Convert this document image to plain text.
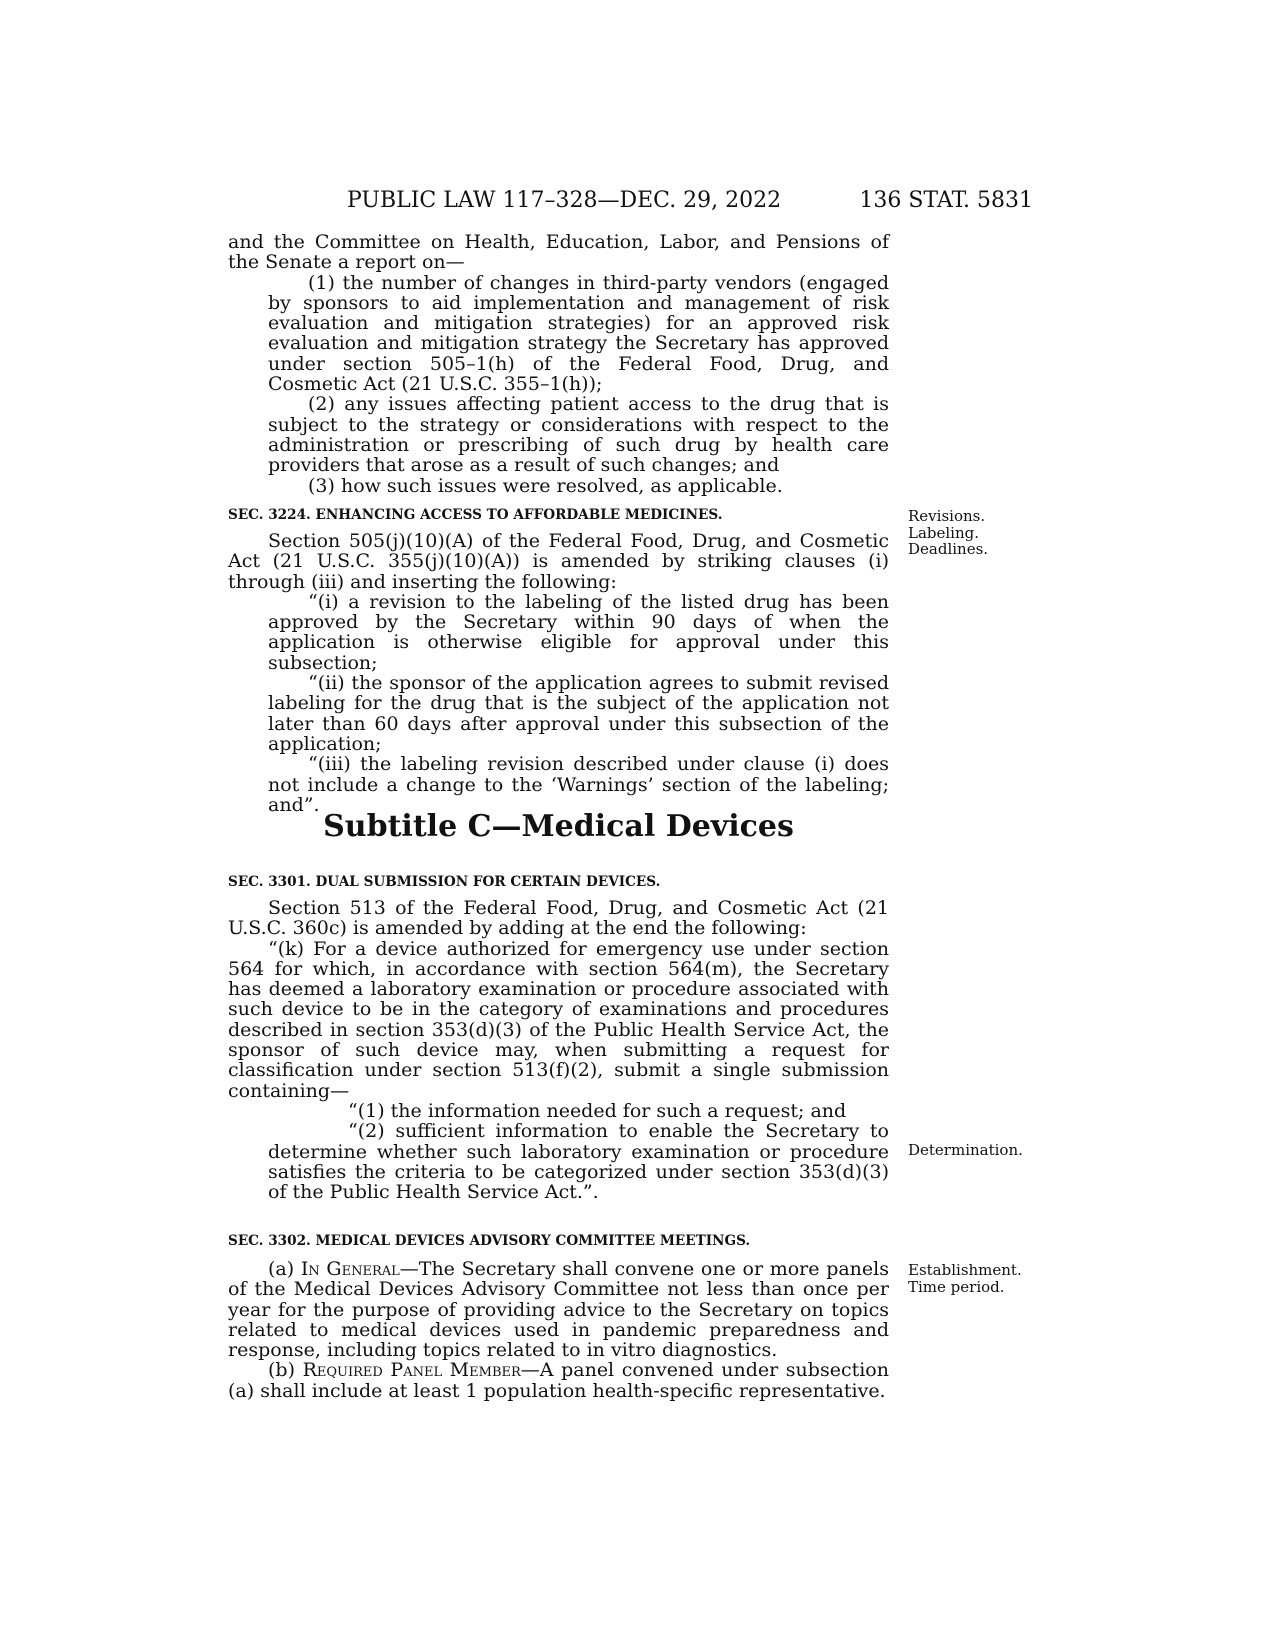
PUBLIC LAW 117–328—DEC. 29, 2022	136 STAT. 5831

and the Committee on Health, Education, Labor, and Pensions of the Senate a report on—

(1) the number of changes in third-party vendors (engaged by sponsors to aid implementation and management of risk evaluation and mitigation strategies) for an approved risk evaluation and mitigation strategy the Secretary has approved under section 505–1(h) of the Federal Food, Drug, and Cosmetic Act (21 U.S.C. 355–1(h));

(2) any issues affecting patient access to the drug that is subject to the strategy or considerations with respect to the administration or prescribing of such drug by health care providers that arose as a result of such changes; and

(3) how such issues were resolved, as applicable.

SEC. 3224. ENHANCING ACCESS TO AFFORDABLE MEDICINES.	Revisions.
Labeling.
Deadlines.

Section 505(j)(10)(A) of the Federal Food, Drug, and Cosmetic Act (21 U.S.C. 355(j)(10)(A)) is amended by striking clauses (i) through (iii) and inserting the following:

“(i) a revision to the labeling of the listed drug has been approved by the Secretary within 90 days of when the application is otherwise eligible for approval under this subsection;

“(ii) the sponsor of the application agrees to submit revised labeling for the drug that is the subject of the application not later than 60 days after approval under this subsection of the application;

“(iii) the labeling revision described under clause (i) does not include a change to the ‘Warnings’ section of the labeling; and”.

Subtitle C—Medical Devices
SEC. 3301. DUAL SUBMISSION FOR CERTAIN DEVICES.

Section 513 of the Federal Food, Drug, and Cosmetic Act (21 U.S.C. 360c) is amended by adding at the end the following:

“(k) For a device authorized for emergency use under section 564 for which, in accordance with section 564(m), the Secretary has deemed a laboratory examination or procedure associated with such device to be in the category of examinations and procedures described in section 353(d)(3) of the Public Health Service Act, the sponsor of such device may, when submitting a request for classification under section 513(f)(2), submit a single submission containing—

“(1) the information needed for such a request; and

“(2) sufficient information to enable the Secretary to determine whether such laboratory examination or procedure satisfies the criteria to be categorized under section 353(d)(3) of the Public Health Service Act.”.

Determination.
SEC. 3302. MEDICAL DEVICES ADVISORY COMMITTEE MEETINGS.
Establishment.
Time period.

(a) In General—The Secretary shall convene one or more panels of the Medical Devices Advisory Committee not less than once per year for the purpose of providing advice to the Secretary on topics related to medical devices used in pandemic preparedness and response, including topics related to in vitro diagnostics.

(b) Required Panel Member—A panel convened under subsection (a) shall include at least 1 population health-specific representative.
